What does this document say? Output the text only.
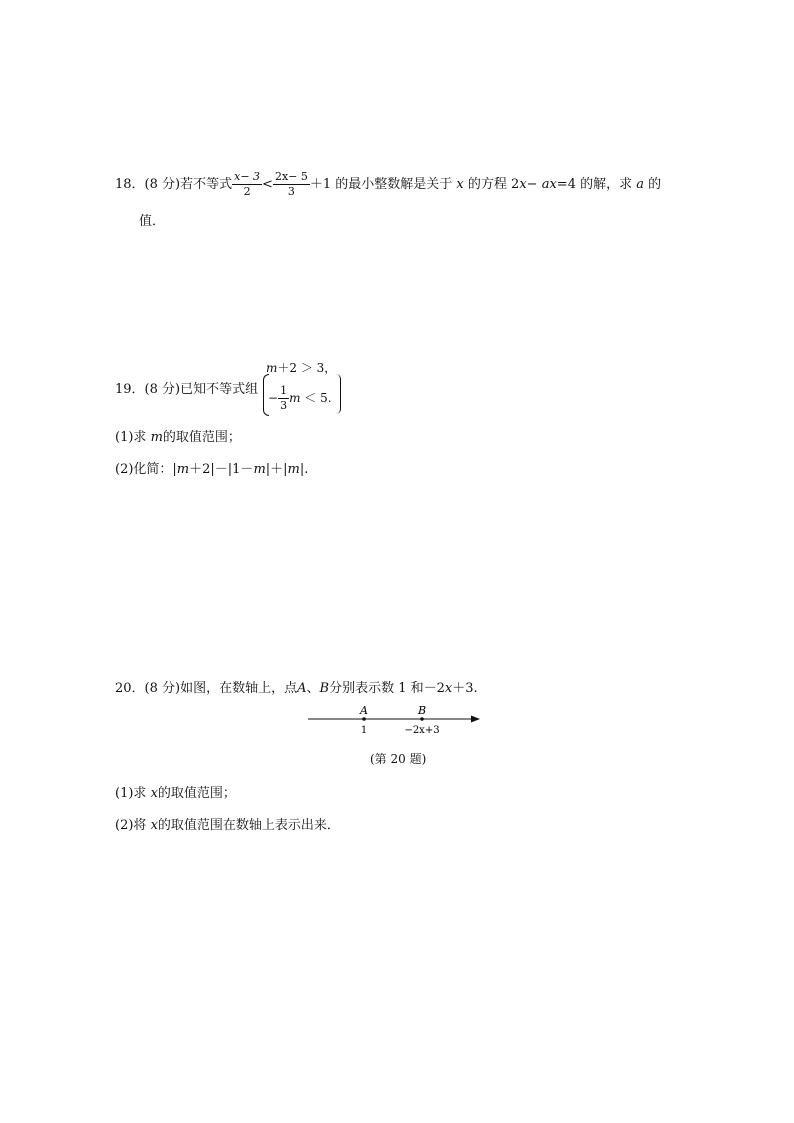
18．(8 分)若不等式 $\frac{x- 3}{2} < \frac{2x- 5}{3} +1$ 的最小整数解是关于 x 的方程 2x− ax=4 的解，求 a 的
值．
19．(8 分)已知不等式组
m＋2 ＞ 3，
− $\frac{1}{3}$ m ＜ 5.
(1)求 m的取值范围；
(2)化简：|m＋2|－|1－m|＋|m|.
20．(8 分)如图，在数轴上，点A、B分别表示数 1 和－2x＋3.
A	B
1	−2x+3
(第 20 题)
(1)求 x的取值范围；
(2)将 x的取值范围在数轴上表示出来．
